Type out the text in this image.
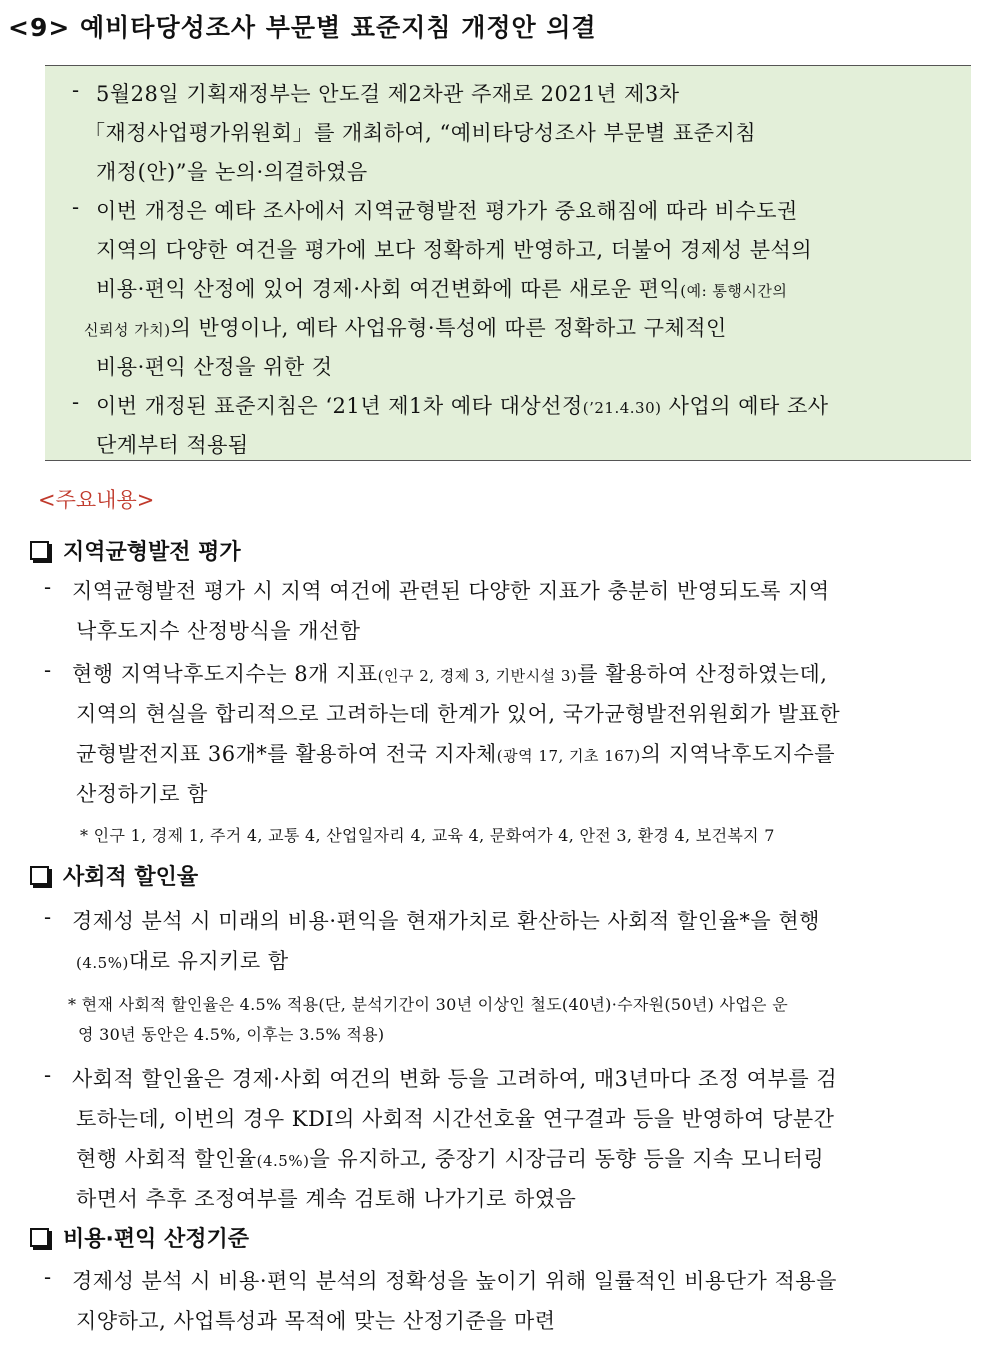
<9> 예비타당성조사 부문별 표준지침 개정안 의결
- 5월28일 기획재정부는 안도걸 제2차관 주재로 2021년 제3차
「재정사업평가위원회」를 개최하여, “예비타당성조사 부문별 표준지침
개정(안)”을 논의·의결하였음
- 이번 개정은 예타 조사에서 지역균형발전 평가가 중요해짐에 따라 비수도권
지역의 다양한 여건을 평가에 보다 정확하게 반영하고, 더불어 경제성 분석의
비용·편익 산정에 있어 경제·사회 여건변화에 따른 새로운 편익(예: 통행시간의
신뢰성 가치)의 반영이나, 예타 사업유형·특성에 따른 정확하고 구체적인
비용·편익 산정을 위한 것
- 이번 개정된 표준지침은 ‘21년 제1차 예타 대상선정(’21.4.30) 사업의 예타 조사
단계부터 적용됨
<주요내용>
지역균형발전 평가
- 지역균형발전 평가 시 지역 여건에 관련된 다양한 지표가 충분히 반영되도록 지역
낙후도지수 산정방식을 개선함
- 현행 지역낙후도지수는 8개 지표(인구 2, 경제 3, 기반시설 3)를 활용하여 산정하였는데,
지역의 현실을 합리적으로 고려하는데 한계가 있어, 국가균형발전위원회가 발표한
균형발전지표 36개*를 활용하여 전국 지자체(광역 17, 기초 167)의 지역낙후도지수를
산정하기로 함
* 인구 1, 경제 1, 주거 4, 교통 4, 산업일자리 4, 교육 4, 문화여가 4, 안전 3, 환경 4, 보건복지 7
사회적 할인율
- 경제성 분석 시 미래의 비용·편익을 현재가치로 환산하는 사회적 할인율*을 현행
(4.5%)대로 유지키로 함
* 현재 사회적 할인율은 4.5% 적용(단, 분석기간이 30년 이상인 철도(40년)·수자원(50년) 사업은 운
영 30년 동안은 4.5%, 이후는 3.5% 적용)
- 사회적 할인율은 경제·사회 여건의 변화 등을 고려하여, 매3년마다 조정 여부를 검
토하는데, 이번의 경우 KDI의 사회적 시간선호율 연구결과 등을 반영하여 당분간
현행 사회적 할인율(4.5%)을 유지하고, 중장기 시장금리 동향 등을 지속 모니터링
하면서 추후 조정여부를 계속 검토해 나가기로 하였음
비용·편익 산정기준
- 경제성 분석 시 비용·편익 분석의 정확성을 높이기 위해 일률적인 비용단가 적용을
지양하고, 사업특성과 목적에 맞는 산정기준을 마련
